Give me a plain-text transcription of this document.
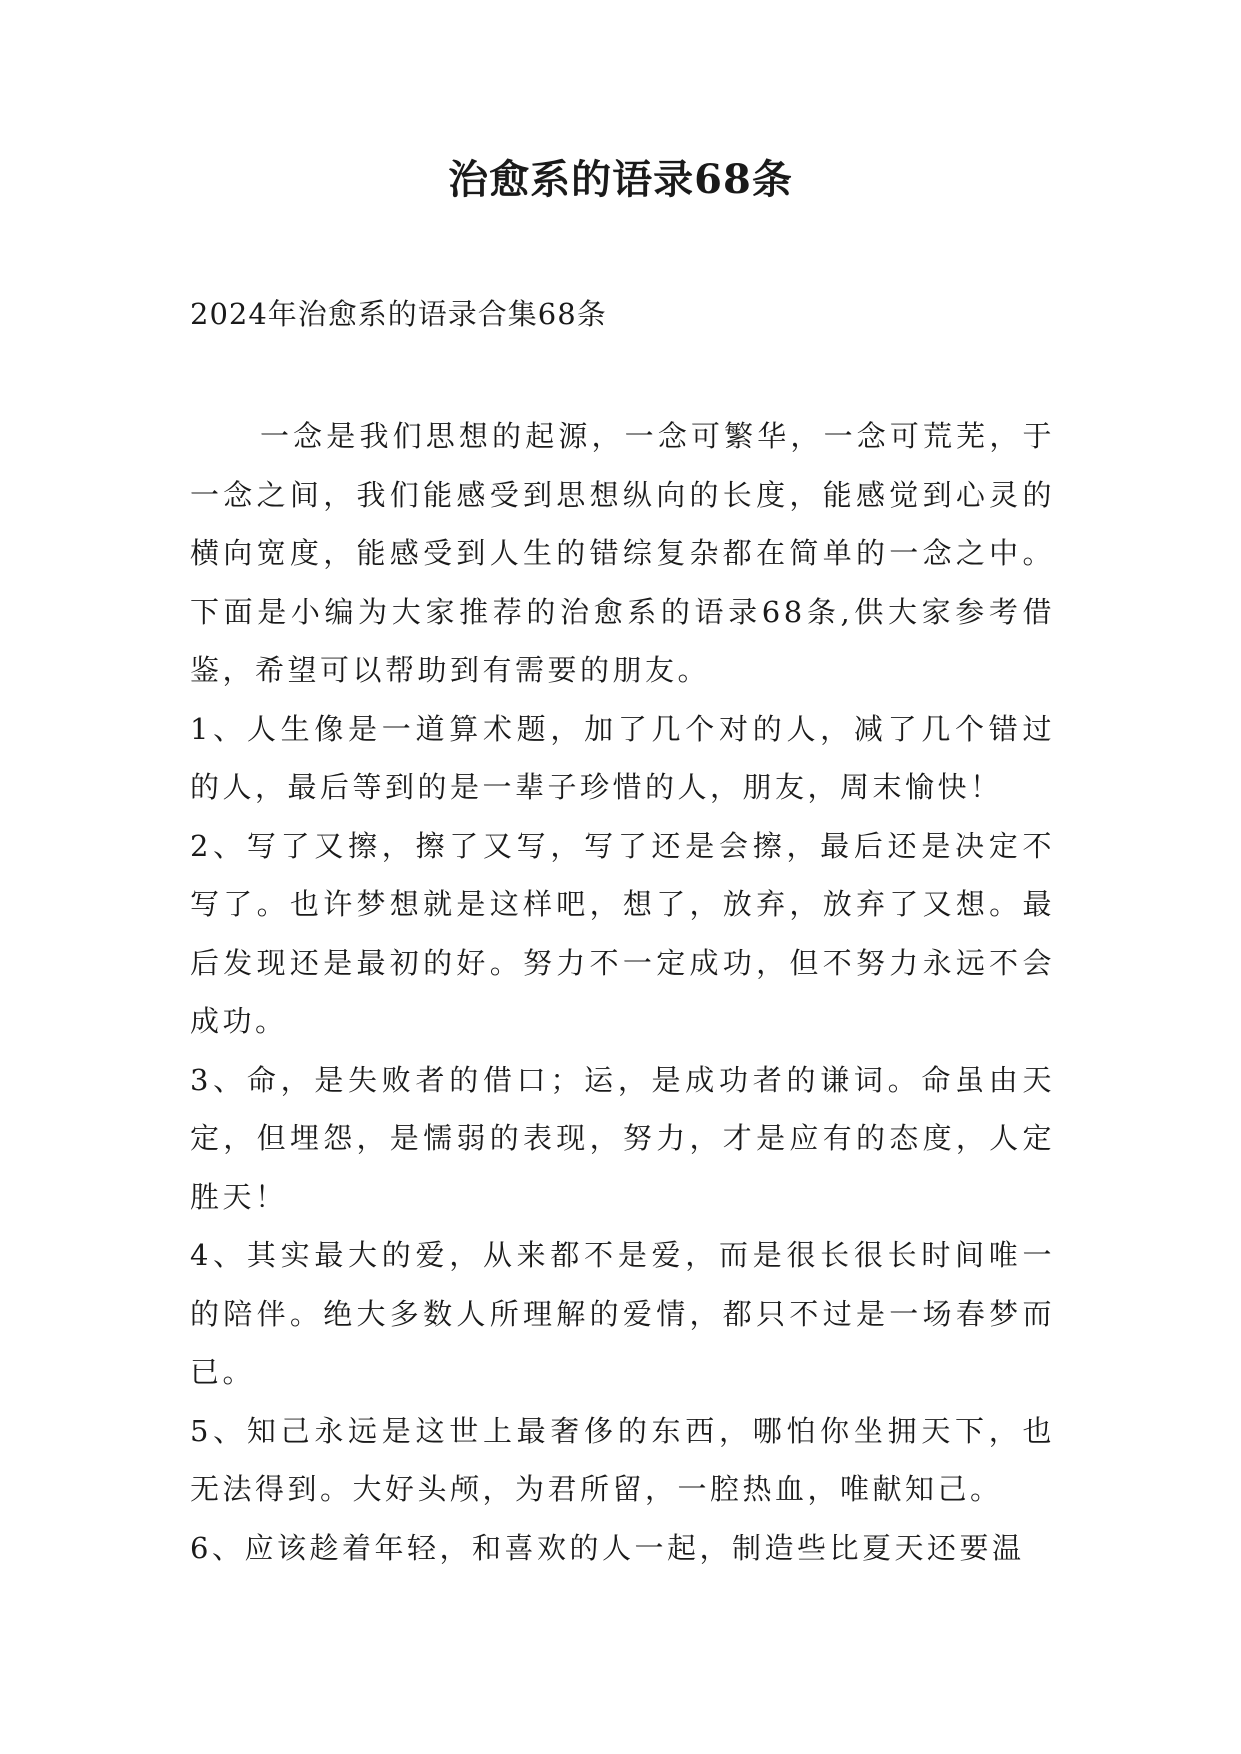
治愈系的语录68条
2024年治愈系的语录合集68条

一念是我们思想的起源，一念可繁华，一念可荒芜，于一念之间，我们能感受到思想纵向的长度，能感觉到心灵的横向宽度，能感受到人生的错综复杂都在简单的一念之中。下面是小编为大家推荐的治愈系的语录68条,供大家参考借鉴，希望可以帮助到有需要的朋友。

1、人生像是一道算术题，加了几个对的人，减了几个错过的人，最后等到的是一辈子珍惜的人，朋友，周末愉快！

2、写了又擦，擦了又写，写了还是会擦，最后还是决定不写了。也许梦想就是这样吧，想了，放弃，放弃了又想。最后发现还是最初的好。努力不一定成功，但不努力永远不会成功。

3、命，是失败者的借口；运，是成功者的谦词。命虽由天定，但埋怨，是懦弱的表现，努力，才是应有的态度，人定胜天！

4、其实最大的爱，从来都不是爱，而是很长很长时间唯一的陪伴。绝大多数人所理解的爱情，都只不过是一场春梦而已。

5、知己永远是这世上最奢侈的东西，哪怕你坐拥天下，也无法得到。大好头颅，为君所留，一腔热血，唯献知己。

6、应该趁着年轻，和喜欢的人一起，制造些比夏天还要温
